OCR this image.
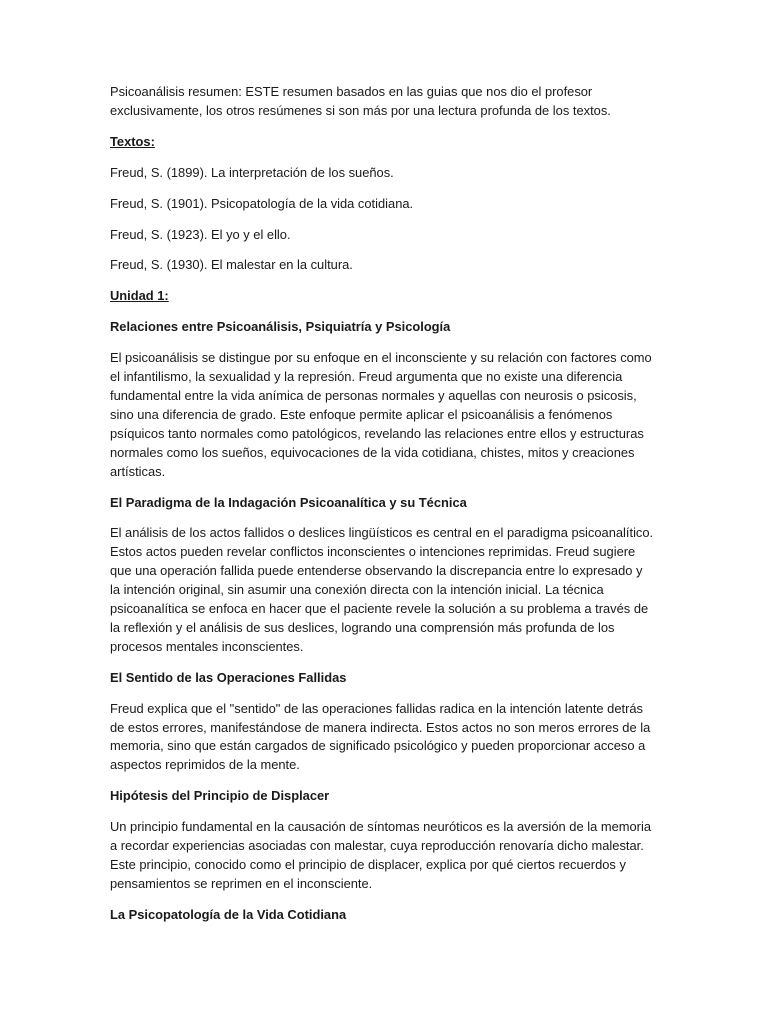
Psicoanálisis resumen: ESTE resumen basados en las guias que nos dio el profesor exclusivamente, los otros resúmenes si son más por una lectura profunda de los textos.

Textos:

Freud, S. (1899). La interpretación de los sueños.

Freud, S. (1901). Psicopatología de la vida cotidiana.

Freud, S. (1923). El yo y el ello.

Freud, S. (1930). El malestar en la cultura.

Unidad 1:

Relaciones entre Psicoanálisis, Psiquiatría y Psicología

El psicoanálisis se distingue por su enfoque en el inconsciente y su relación con factores como el infantilismo, la sexualidad y la represión. Freud argumenta que no existe una diferencia fundamental entre la vida anímica de personas normales y aquellas con neurosis o psicosis, sino una diferencia de grado. Este enfoque permite aplicar el psicoanálisis a fenómenos psíquicos tanto normales como patológicos, revelando las relaciones entre ellos y estructuras normales como los sueños, equivocaciones de la vida cotidiana, chistes, mitos y creaciones artísticas.

El Paradigma de la Indagación Psicoanalítica y su Técnica

El análisis de los actos fallidos o deslices lingüísticos es central en el paradigma psicoanalítico. Estos actos pueden revelar conflictos inconscientes o intenciones reprimidas. Freud sugiere que una operación fallida puede entenderse observando la discrepancia entre lo expresado y la intención original, sin asumir una conexión directa con la intención inicial. La técnica psicoanalítica se enfoca en hacer que el paciente revele la solución a su problema a través de la reflexión y el análisis de sus deslices, logrando una comprensión más profunda de los procesos mentales inconscientes.

El Sentido de las Operaciones Fallidas

Freud explica que el "sentido" de las operaciones fallidas radica en la intención latente detrás de estos errores, manifestándose de manera indirecta. Estos actos no son meros errores de la memoria, sino que están cargados de significado psicológico y pueden proporcionar acceso a aspectos reprimidos de la mente.

Hipótesis del Principio de Displacer

Un principio fundamental en la causación de síntomas neuróticos es la aversión de la memoria a recordar experiencias asociadas con malestar, cuya reproducción renovaría dicho malestar. Este principio, conocido como el principio de displacer, explica por qué ciertos recuerdos y pensamientos se reprimen en el inconsciente.

La Psicopatología de la Vida Cotidiana
